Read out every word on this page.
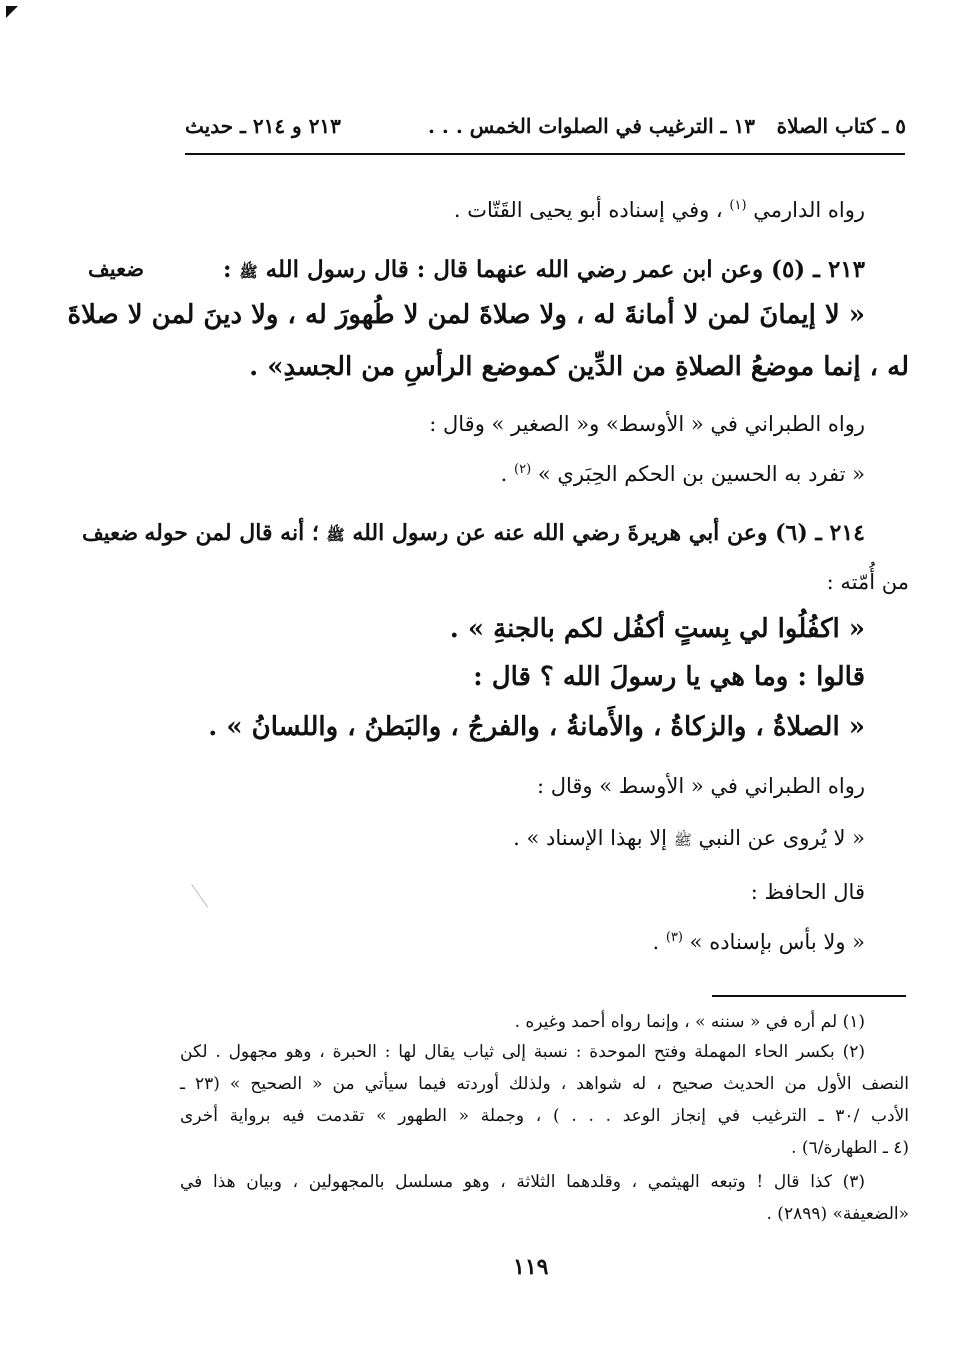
٥ ـ كتاب الصلاة
١٣ ـ الترغيب في الصلوات الخمس . . .
٢١٣ و ٢١٤ ـ حديث
رواه الدارمي $^{(١)}$ ، وفي إسناده أبو يحيى القَتّات .
٢١٣ ـ (٥) وعن ابن عمر رضي الله عنهما قال : قال رسول الله ﷺ :
ضعيف
« لا إيمانَ لمن لا أمانةَ له ، ولا صلاةَ لمن لا طُهورَ له ، ولا دينَ لمن لا صلاةَ
له ، إنما موضعُ الصلاةِ من الدِّين كموضع الرأسِ من الجسدِ» .
رواه الطبراني في « الأوسط» و« الصغير » وقال :
« تفرد به الحسين بن الحكم الحِبَري » $^{(٢)}$ .
٢١٤ ـ (٦) وعن أبي هريرةَ رضي الله عنه عن رسول الله ﷺ ؛ أنه قال لمن حوله
ضعيف
من أُمّته :
« اكفُلُوا لي بِستٍ أكفُل لكم بالجنةِ » .
قالوا : وما هي يا رسولَ الله ؟ قال :
« الصلاةُ ، والزكاةُ ، والأَمانةُ ، والفرجُ ، والبَطنُ ، واللسانُ » .
رواه الطبراني في « الأوسط » وقال :
« لا يُروى عن النبي ﷺ إلا بهذا الإسناد » .
قال الحافظ :
« ولا بأس بإسناده » $^{(٣)}$ .
(١) لم أره في « سننه » ، وإنما رواه أحمد وغيره .
(٢) بكسر الحاء المهملة وفتح الموحدة : نسبة إلى ثياب يقال لها : الحبرة ، وهو مجهول . لكن
النصف الأول من الحديث صحيح ، له شواهد ، ولذلك أوردته فيما سيأتي من « الصحيح » (٢٣ ـ
الأدب /٣٠ ـ الترغيب في إنجاز الوعد . . . ) ، وجملة « الطهور » تقدمت فيه برواية أخرى
(٤ ـ الطهارة/٦) .
(٣) كذا قال ! وتبعه الهيثمي ، وقلدهما الثلاثة ، وهو مسلسل بالمجهولين ، وبيان هذا في
«الضعيفة» (٢٨٩٩) .
١١٩
